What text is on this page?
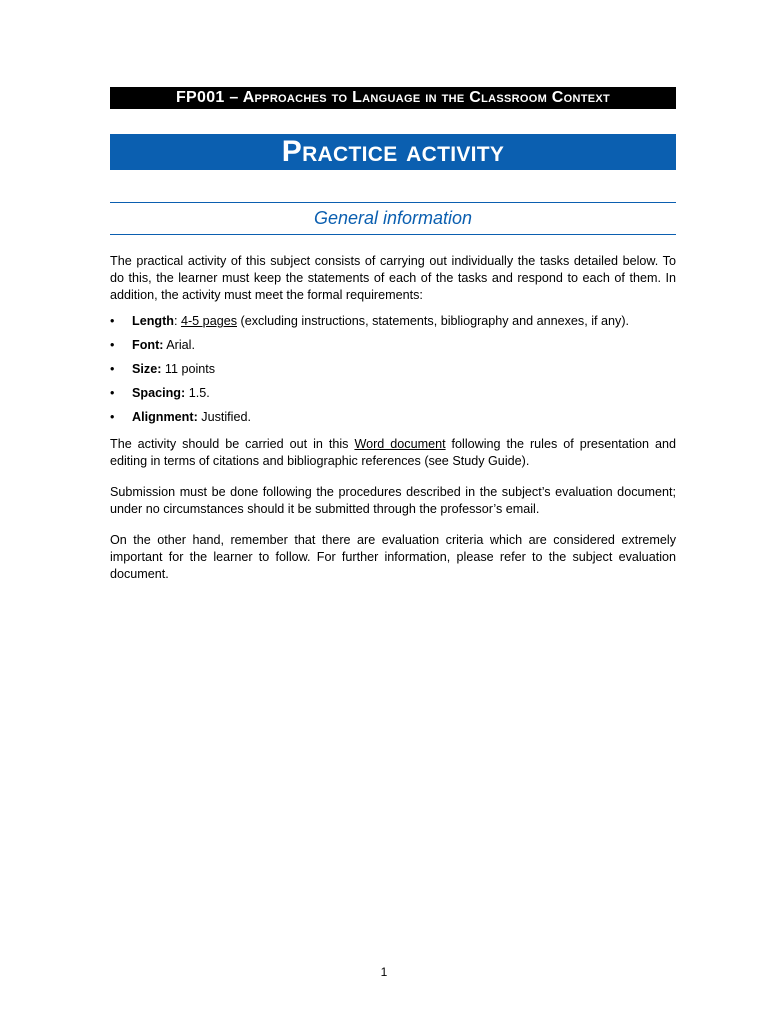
FP001 – Approaches to Language in the Classroom Context
Practice activity
General information

The practical activity of this subject consists of carrying out individually the tasks detailed below. To do this, the learner must keep the statements of each of the tasks and respond to each of them. In addition, the activity must meet the formal requirements:

•	Length: 4-5 pages (excluding instructions, statements, bibliography and annexes, if any).
•	Font: Arial.
•	Size: 11 points
•	Spacing: 1.5.
•	Alignment: Justified.

The activity should be carried out in this Word document following the rules of presentation and editing in terms of citations and bibliographic references (see Study Guide).

Submission must be done following the procedures described in the subject’s evaluation document; under no circumstances should it be submitted through the professor’s email.

On the other hand, remember that there are evaluation criteria which are considered extremely important for the learner to follow. For further information, please refer to the subject evaluation document.

1
